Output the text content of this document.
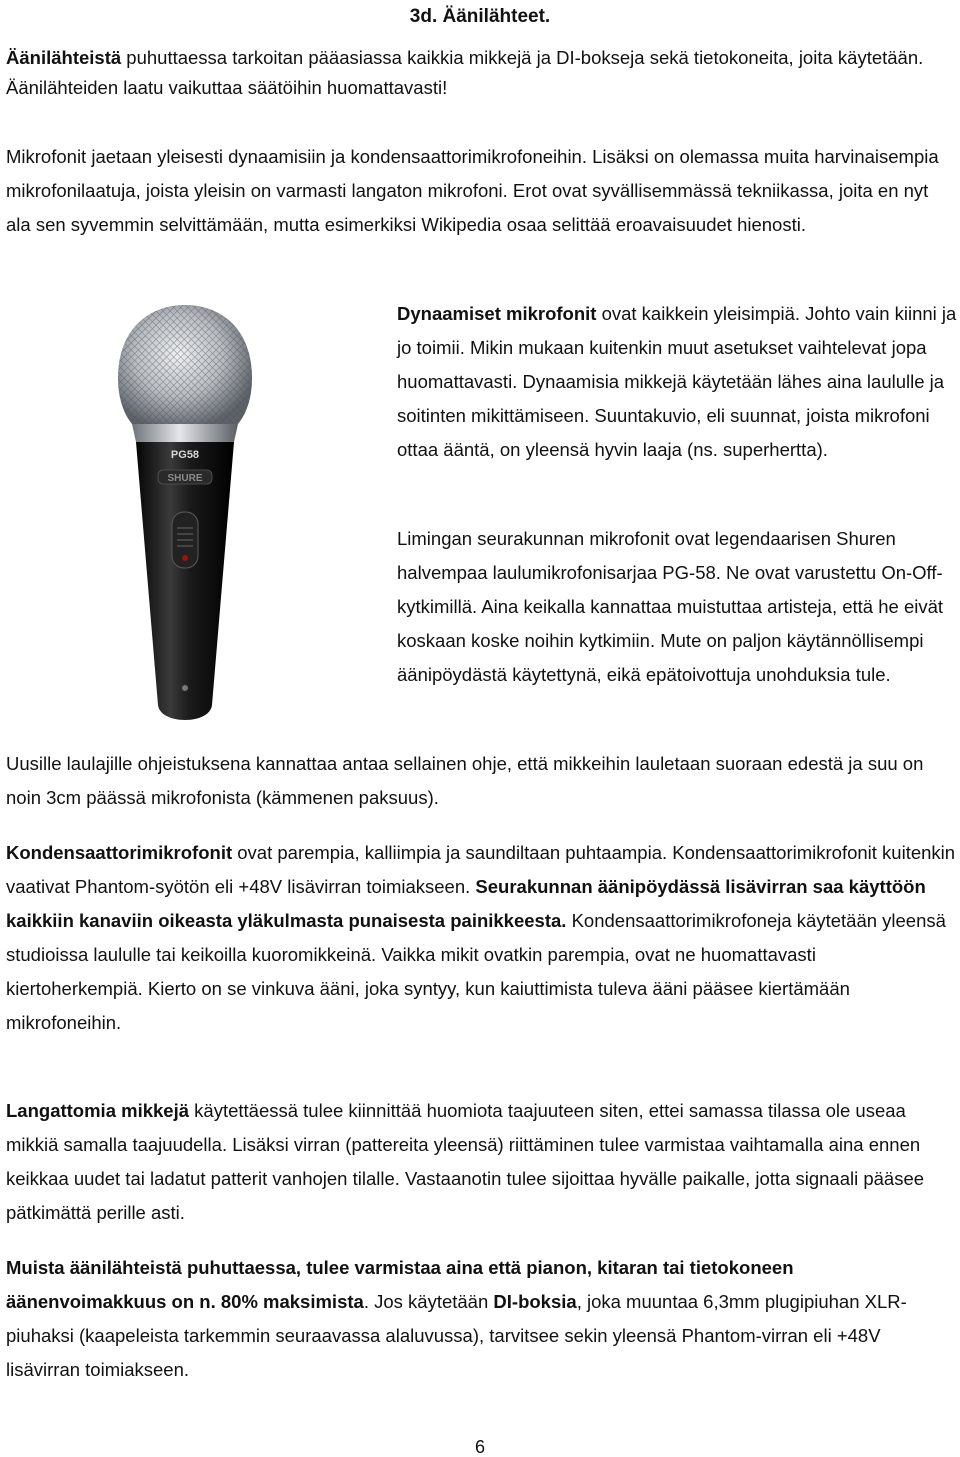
3d. Äänilähteet.

Äänilähteistä puhuttaessa tarkoitan pääasiassa kaikkia mikkejä ja DI-bokseja sekä tietokoneita, joita käytetään. Äänilähteiden laatu vaikuttaa säätöihin huomattavasti!

Mikrofonit jaetaan yleisesti dynaamisiin ja kondensaattorimikrofoneihin. Lisäksi on olemassa muita harvinaisempia mikrofonilaatuja, joista yleisin on varmasti langaton mikrofoni. Erot ovat syvällisemmässä tekniikassa, joita en nyt ala sen syvemmin selvittämään, mutta esimerkiksi Wikipedia osaa selittää eroavaisuudet hienosti.

PG58
SHURE

Dynaamiset mikrofonit ovat kaikkein yleisimpiä. Johto vain kiinni ja jo toimii. Mikin mukaan kuitenkin muut asetukset vaihtelevat jopa huomattavasti. Dynaamisia mikkejä käytetään lähes aina laululle ja soitinten mikittämiseen. Suuntakuvio, eli suunnat, joista mikrofoni ottaa ääntä, on yleensä hyvin laaja (ns. superhertta).

Limingan seurakunnan mikrofonit ovat legendaarisen Shuren halvempaa laulumikrofonisarjaa PG-58. Ne ovat varustettu On-Off-kytkimillä. Aina keikalla kannattaa muistuttaa artisteja, että he eivät koskaan koske noihin kytkimiin. Mute on paljon käytännöllisempi äänipöydästä käytettynä, eikä epätoivottuja unohduksia tule.

Uusille laulajille ohjeistuksena kannattaa antaa sellainen ohje, että mikkeihin lauletaan suoraan edestä ja suu on noin 3cm päässä mikrofonista (kämmenen paksuus).

Kondensaattorimikrofonit ovat parempia, kalliimpia ja saundiltaan puhtaampia. Kondensaattorimikrofonit kuitenkin vaativat Phantom-syötön eli +48V lisävirran toimiakseen. Seurakunnan äänipöydässä lisävirran saa käyttöön kaikkiin kanaviin oikeasta yläkulmasta punaisesta painikkeesta. Kondensaattorimikrofoneja käytetään yleensä studioissa laululle tai keikoilla kuoromikkeinä. Vaikka mikit ovatkin parempia, ovat ne huomattavasti kiertoherkempiä. Kierto on se vinkuva ääni, joka syntyy, kun kaiuttimista tuleva ääni pääsee kiertämään mikrofoneihin.

Langattomia mikkejä käytettäessä tulee kiinnittää huomiota taajuuteen siten, ettei samassa tilassa ole useaa mikkiä samalla taajuudella. Lisäksi virran (pattereita yleensä) riittäminen tulee varmistaa vaihtamalla aina ennen keikkaa uudet tai ladatut patterit vanhojen tilalle. Vastaanotin tulee sijoittaa hyvälle paikalle, jotta signaali pääsee pätkimättä perille asti.

Muista äänilähteistä puhuttaessa, tulee varmistaa aina että pianon, kitaran tai tietokoneen äänenvoimakkuus on n. 80% maksimista. Jos käytetään DI-boksia, joka muuntaa 6,3mm plugipiuhan XLR-piuhaksi (kaapeleista tarkemmin seuraavassa alaluvussa), tarvitsee sekin yleensä Phantom-virran eli +48V lisävirran toimiakseen.

6
